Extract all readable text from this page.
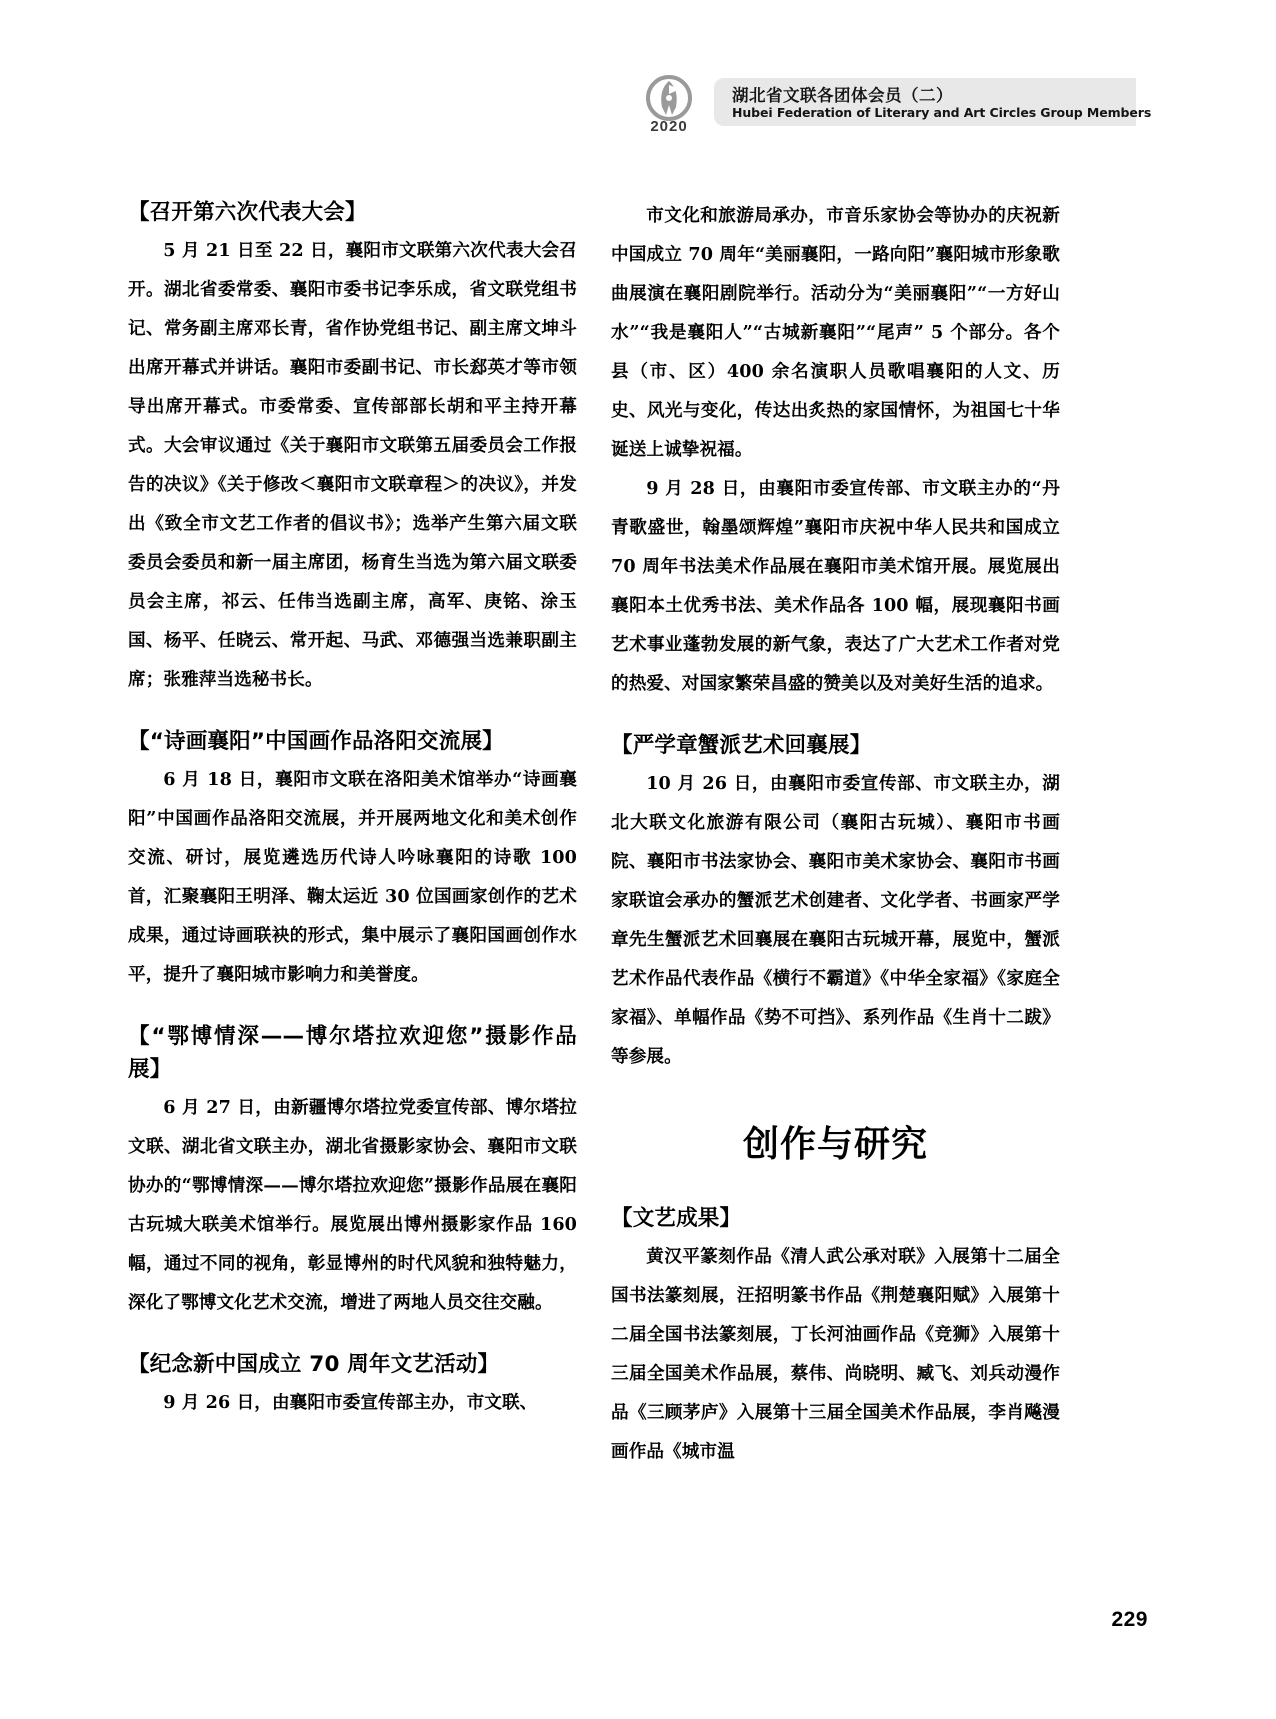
2020
湖北省文联各团体会员（二）
Hubei Federation of Literary and Art Circles Group Members
【召开第六次代表大会】

5 月 21 日至 22 日，襄阳市文联第六次代表大会召开。湖北省委常委、襄阳市委书记李乐成，省文联党组书记、常务副主席邓长青，省作协党组书记、副主席文坤斗出席开幕式并讲话。襄阳市委副书记、市长郄英才等市领导出席开幕式。市委常委、宣传部部长胡和平主持开幕式。大会审议通过《关于襄阳市文联第五届委员会工作报告的决议》《关于修改＜襄阳市文联章程＞的决议》，并发出《致全市文艺工作者的倡议书》；选举产生第六届文联委员会委员和新一届主席团，杨育生当选为第六届文联委员会主席，祁云、任伟当选副主席，高军、庚铭、涂玉国、杨平、任晓云、常开起、马武、邓德强当选兼职副主席；张雅萍当选秘书长。

【“诗画襄阳”中国画作品洛阳交流展】

6 月 18 日，襄阳市文联在洛阳美术馆举办“诗画襄阳”中国画作品洛阳交流展，并开展两地文化和美术创作交流、研讨，展览遴选历代诗人吟咏襄阳的诗歌 100 首，汇聚襄阳王明泽、鞠太运近 30 位国画家创作的艺术成果，通过诗画联袂的形式，集中展示了襄阳国画创作水平，提升了襄阳城市影响力和美誉度。

【“鄂博情深——博尔塔拉欢迎您”摄影作品展】

6 月 27 日，由新疆博尔塔拉党委宣传部、博尔塔拉文联、湖北省文联主办，湖北省摄影家协会、襄阳市文联协办的“鄂博情深——博尔塔拉欢迎您”摄影作品展在襄阳古玩城大联美术馆举行。展览展出博州摄影家作品 160 幅，通过不同的视角，彰显博州的时代风貌和独特魅力，深化了鄂博文化艺术交流，增进了两地人员交往交融。

【纪念新中国成立 70 周年文艺活动】

9 月 26 日，由襄阳市委宣传部主办，市文联、

市文化和旅游局承办，市音乐家协会等协办的庆祝新中国成立 70 周年“美丽襄阳，一路向阳”襄阳城市形象歌曲展演在襄阳剧院举行。活动分为“美丽襄阳”“一方好山水”“我是襄阳人”“古城新襄阳”“尾声” 5 个部分。各个县（市、区）400 余名演职人员歌唱襄阳的人文、历史、风光与变化，传达出炙热的家国情怀，为祖国七十华诞送上诚挚祝福。

9 月 28 日，由襄阳市委宣传部、市文联主办的“丹青歌盛世，翰墨颂辉煌”襄阳市庆祝中华人民共和国成立 70 周年书法美术作品展在襄阳市美术馆开展。展览展出襄阳本土优秀书法、美术作品各 100 幅，展现襄阳书画艺术事业蓬勃发展的新气象，表达了广大艺术工作者对党的热爱、对国家繁荣昌盛的赞美以及对美好生活的追求。

【严学章蟹派艺术回襄展】

10 月 26 日，由襄阳市委宣传部、市文联主办，湖北大联文化旅游有限公司（襄阳古玩城）、襄阳市书画院、襄阳市书法家协会、襄阳市美术家协会、襄阳市书画家联谊会承办的蟹派艺术创建者、文化学者、书画家严学章先生蟹派艺术回襄展在襄阳古玩城开幕，展览中，蟹派艺术作品代表作品《横行不霸道》《中华全家福》《家庭全家福》、单幅作品《势不可挡》、系列作品《生肖十二跋》等参展。

创作与研究
【文艺成果】

黄汉平篆刻作品《清人武公承对联》入展第十二届全国书法篆刻展，汪招明篆书作品《荆楚襄阳赋》入展第十二届全国书法篆刻展，丁长河油画作品《竞狮》入展第十三届全国美术作品展，蔡伟、尚晓明、臧飞、刘兵动漫作品《三顾茅庐》入展第十三届全国美术作品展，李肖飚漫画作品《城市温

229
